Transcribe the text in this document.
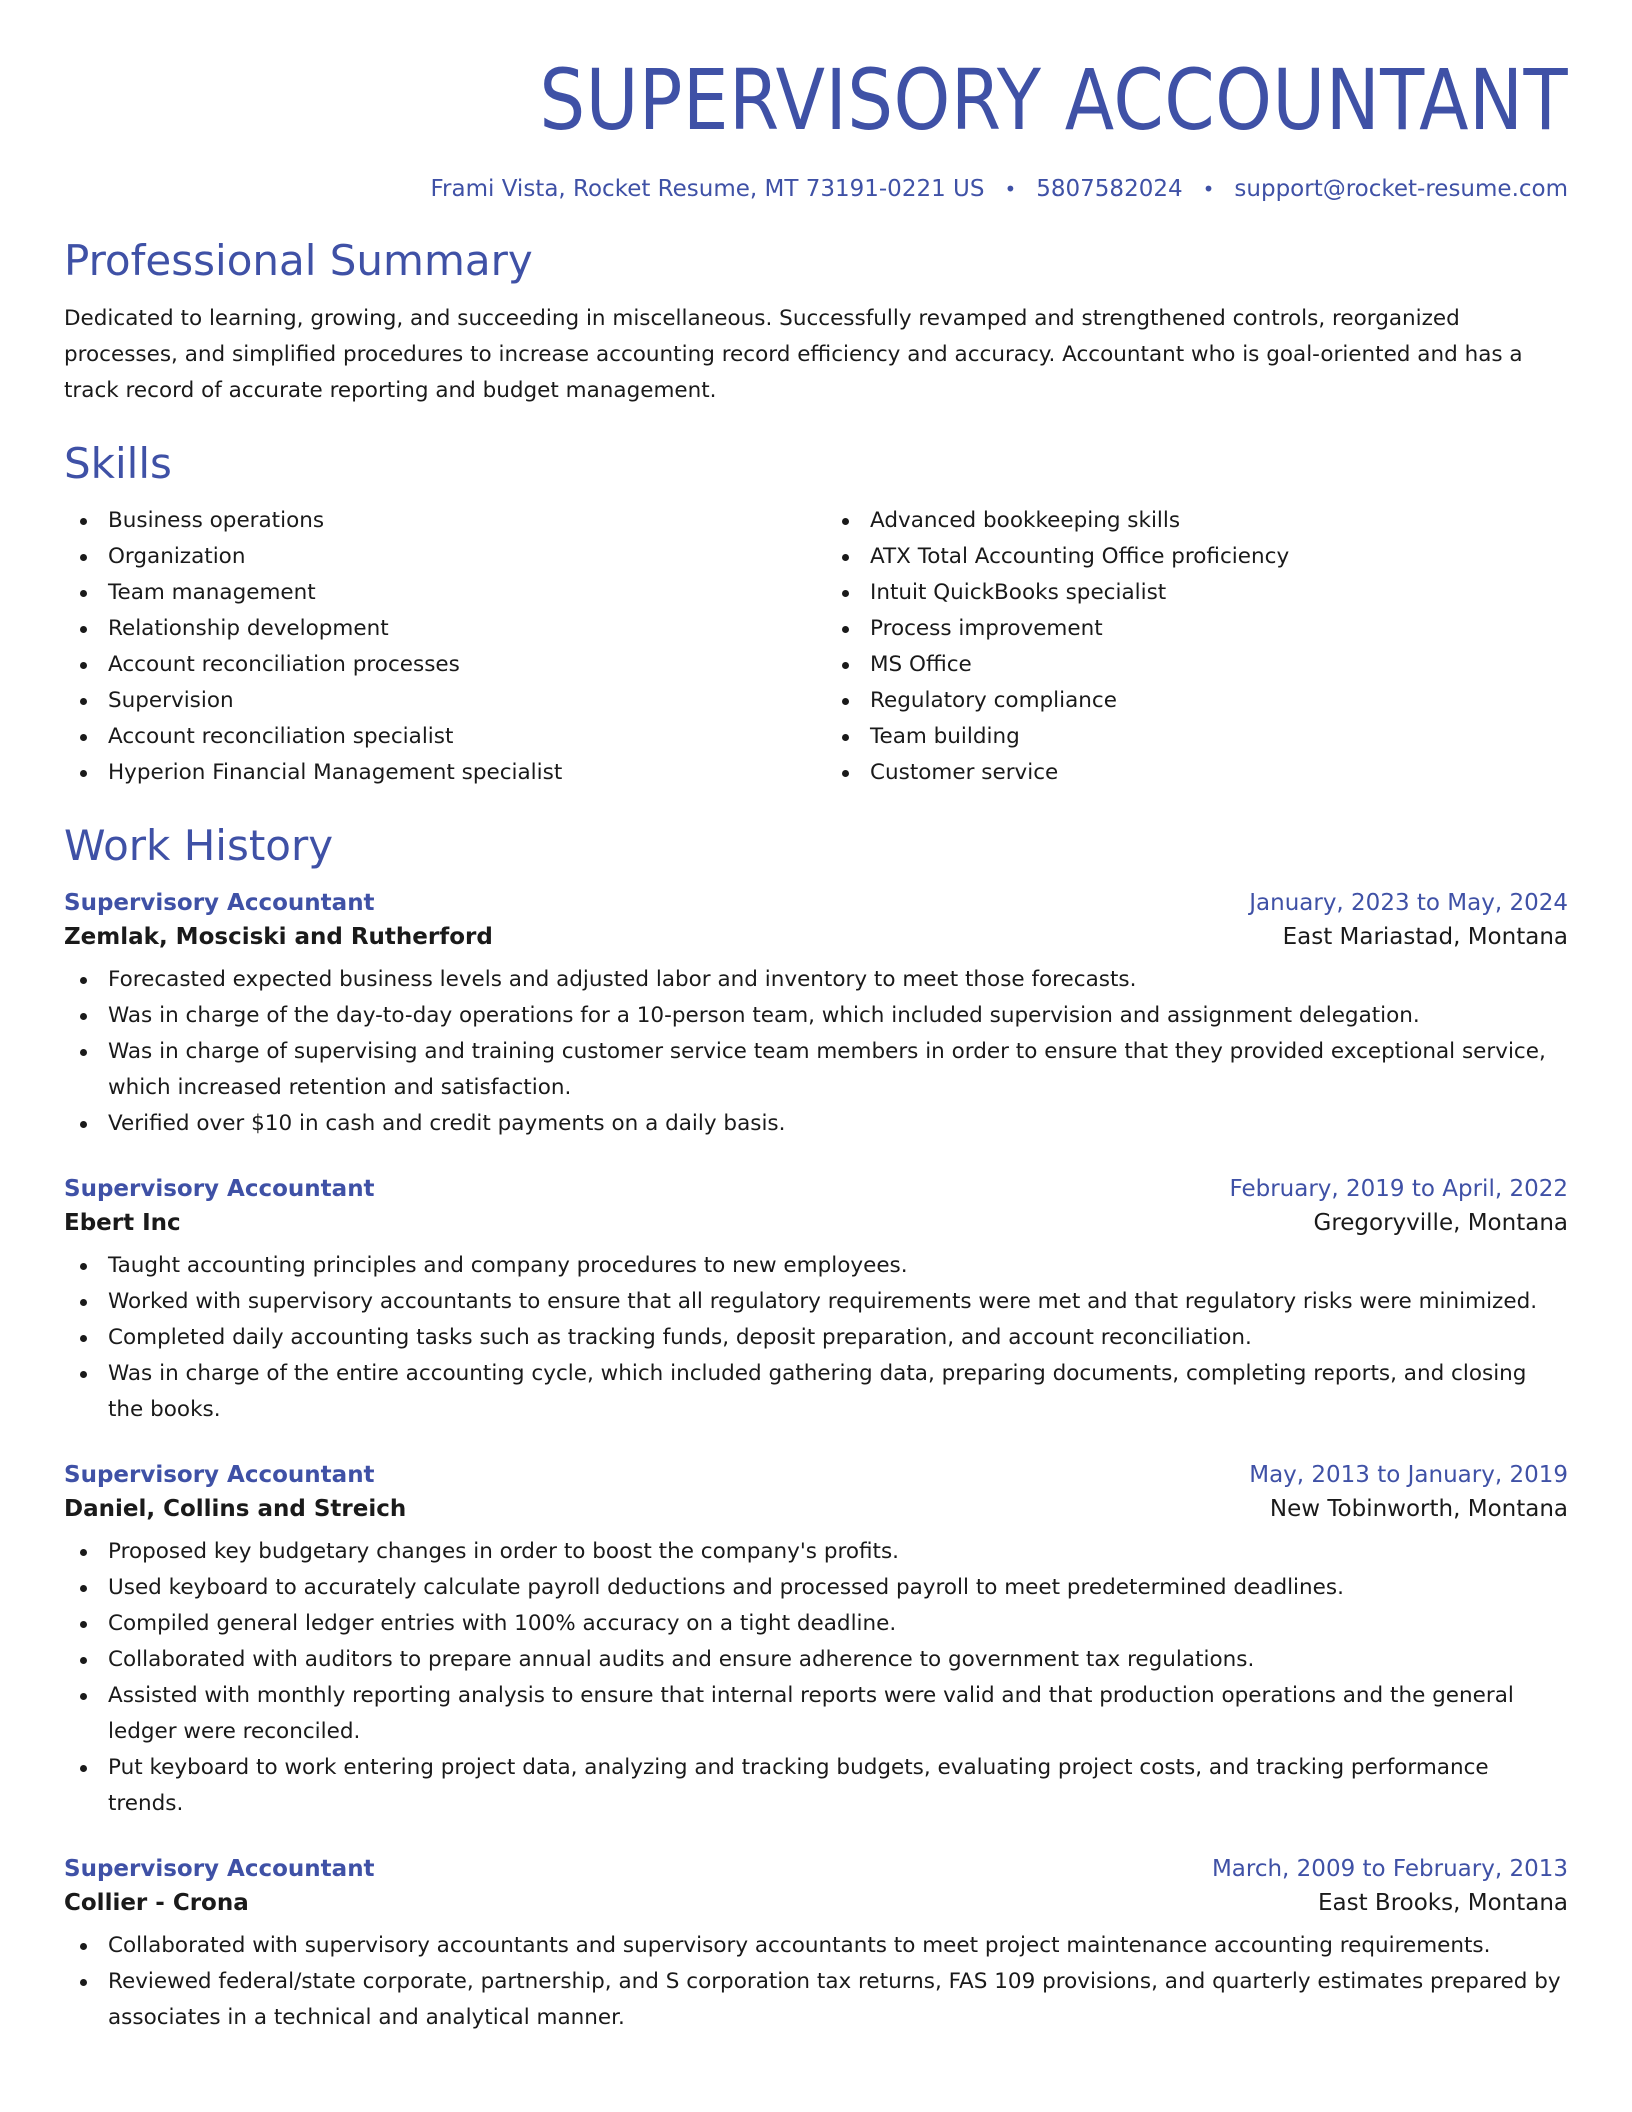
SUPERVISORY ACCOUNTANT
Frami Vista, Rocket Resume, MT 73191-0221 US • 5807582024 • support@rocket-resume.com
Professional Summary
Dedicated to learning, growing, and succeeding in miscellaneous. Successfully revamped and strengthened controls, reorganized processes, and simplified procedures to increase accounting record efficiency and accuracy. Accountant who is goal-oriented and has a track record of accurate reporting and budget management.
Skills
Business operations
Organization
Team management
Relationship development
Account reconciliation processes
Supervision
Account reconciliation specialist
Hyperion Financial Management specialist
Advanced bookkeeping skills
ATX Total Accounting Office proficiency
Intuit QuickBooks specialist
Process improvement
MS Office
Regulatory compliance
Team building
Customer service
Work History
Supervisory Accountant	January, 2023 to May, 2024
Zemlak, Mosciski and Rutherford	East Mariastad, Montana
Forecasted expected business levels and adjusted labor and inventory to meet those forecasts.
Was in charge of the day-to-day operations for a 10-person team, which included supervision and assignment delegation.
Was in charge of supervising and training customer service team members in order to ensure that they provided exceptional service, which increased retention and satisfaction.
Verified over $10 in cash and credit payments on a daily basis.
Supervisory Accountant	February, 2019 to April, 2022
Ebert Inc	Gregoryville, Montana
Taught accounting principles and company procedures to new employees.
Worked with supervisory accountants to ensure that all regulatory requirements were met and that regulatory risks were minimized.
Completed daily accounting tasks such as tracking funds, deposit preparation, and account reconciliation.
Was in charge of the entire accounting cycle, which included gathering data, preparing documents, completing reports, and closing the books.
Supervisory Accountant	May, 2013 to January, 2019
Daniel, Collins and Streich	New Tobinworth, Montana
Proposed key budgetary changes in order to boost the company's profits.
Used keyboard to accurately calculate payroll deductions and processed payroll to meet predetermined deadlines.
Compiled general ledger entries with 100% accuracy on a tight deadline.
Collaborated with auditors to prepare annual audits and ensure adherence to government tax regulations.
Assisted with monthly reporting analysis to ensure that internal reports were valid and that production operations and the general ledger were reconciled.
Put keyboard to work entering project data, analyzing and tracking budgets, evaluating project costs, and tracking performance trends.
Supervisory Accountant	March, 2009 to February, 2013
Collier - Crona	East Brooks, Montana
Collaborated with supervisory accountants and supervisory accountants to meet project maintenance accounting requirements.
Reviewed federal/state corporate, partnership, and S corporation tax returns, FAS 109 provisions, and quarterly estimates prepared by associates in a technical and analytical manner.
